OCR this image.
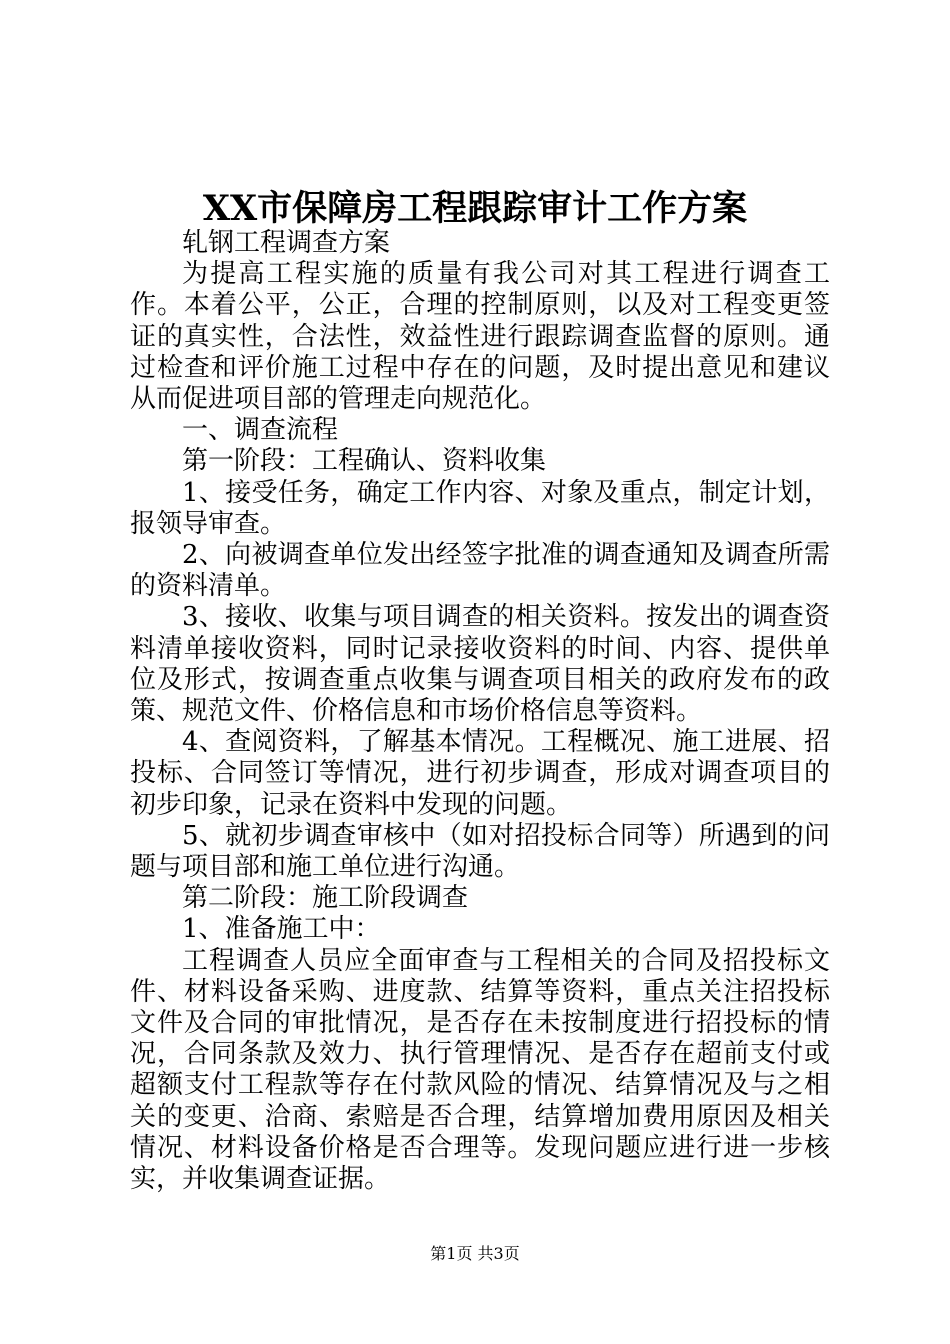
XX市保障房工程跟踪审计工作方案

轧钢工程调查方案

为提高工程实施的质量有我公司对其工程进行调查工作。本着公平，公正，合理的控制原则，以及对工程变更签证的真实性，合法性，效益性进行跟踪调查监督的原则。通过检查和评价施工过程中存在的问题，及时提出意见和建议从而促进项目部的管理走向规范化。

一、调查流程

第一阶段：工程确认、资料收集

1、接受任务，确定工作内容、对象及重点，制定计划，报领导审查。

2、向被调查单位发出经签字批准的调查通知及调查所需的资料清单。

3、接收、收集与项目调查的相关资料。按发出的调查资料清单接收资料，同时记录接收资料的时间、内容、提供单位及形式，按调查重点收集与调查项目相关的政府发布的政策、规范文件、价格信息和市场价格信息等资料。

4、查阅资料，了解基本情况。工程概况、施工进展、招投标、合同签订等情况，进行初步调查，形成对调查项目的初步印象，记录在资料中发现的问题。

5、就初步调查审核中（如对招投标合同等）所遇到的问题与项目部和施工单位进行沟通。

第二阶段：施工阶段调查

1、准备施工中：

工程调查人员应全面审查与工程相关的合同及招投标文件、材料设备采购、进度款、结算等资料，重点关注招投标文件及合同的审批情况，是否存在未按制度进行招投标的情况，合同条款及效力、执行管理情况、是否存在超前支付或超额支付工程款等存在付款风险的情况、结算情况及与之相关的变更、洽商、索赔是否合理，结算增加费用原因及相关情况、材料设备价格是否合理等。发现问题应进行进一步核实，并收集调查证据。

第1页 共3页
